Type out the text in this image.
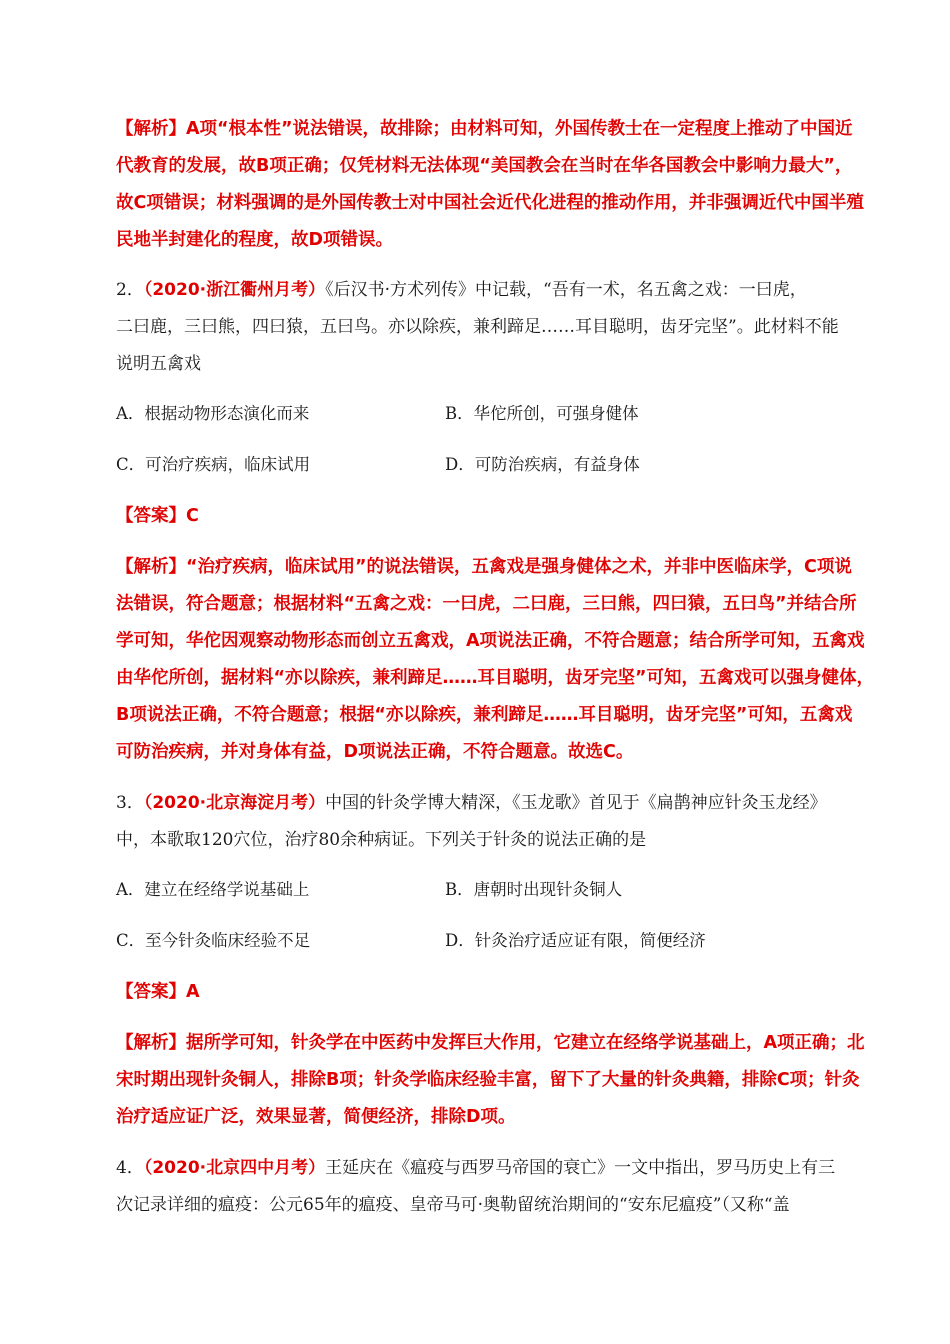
【解析】A项“根本性”说法错误，故排除；由材料可知，外国传教士在一定程度上推动了中国近
代教育的发展，故B项正确；仅凭材料无法体现“美国教会在当时在华各国教会中影响力最大”，
故C项错误；材料强调的是外国传教士对中国社会近代化进程的推动作用，并非强调近代中国半殖
民地半封建化的程度，故D项错误。
2．（2020·浙江衢州月考）《后汉书·方术列传》中记载，“吾有一术，名五禽之戏：一曰虎，
二曰鹿，三曰熊，四曰猿，五曰鸟。亦以除疾，兼利蹄足……耳目聪明，齿牙完坚”。此材料不能
说明五禽戏
A．根据动物形态演化而来	B．华佗所创，可强身健体
C．可治疗疾病，临床试用	D．可防治疾病，有益身体
【答案】C
【解析】“治疗疾病，临床试用”的说法错误，五禽戏是强身健体之术，并非中医临床学，C项说
法错误，符合题意；根据材料“五禽之戏：一曰虎，二曰鹿，三曰熊，四曰猿，五曰鸟”并结合所
学可知，华佗因观察动物形态而创立五禽戏，A项说法正确，不符合题意；结合所学可知，五禽戏
由华佗所创，据材料“亦以除疾，兼利蹄足……耳目聪明，齿牙完坚”可知，五禽戏可以强身健体，
B项说法正确，不符合题意；根据“亦以除疾，兼利蹄足……耳目聪明，齿牙完坚”可知，五禽戏
可防治疾病，并对身体有益，D项说法正确，不符合题意。故选C。
3．（2020·北京海淀月考）中国的针灸学博大精深，《玉龙歌》首见于《扁鹊神应针灸玉龙经》
中，本歌取120穴位，治疗80余种病证。下列关于针灸的说法正确的是
A．建立在经络学说基础上	B．唐朝时出现针灸铜人
C．至今针灸临床经验不足	D．针灸治疗适应证有限，简便经济
【答案】A
【解析】据所学可知，针灸学在中医药中发挥巨大作用，它建立在经络学说基础上，A项正确；北
宋时期出现针灸铜人，排除B项；针灸学临床经验丰富，留下了大量的针灸典籍，排除C项；针灸
治疗适应证广泛，效果显著，简便经济，排除D项。
4．（2020·北京四中月考）王延庆在《瘟疫与西罗马帝国的衰亡》一文中指出，罗马历史上有三
次记录详细的瘟疫：公元65年的瘟疫、皇帝马可·奥勒留统治期间的“安东尼瘟疫”（又称“盖
